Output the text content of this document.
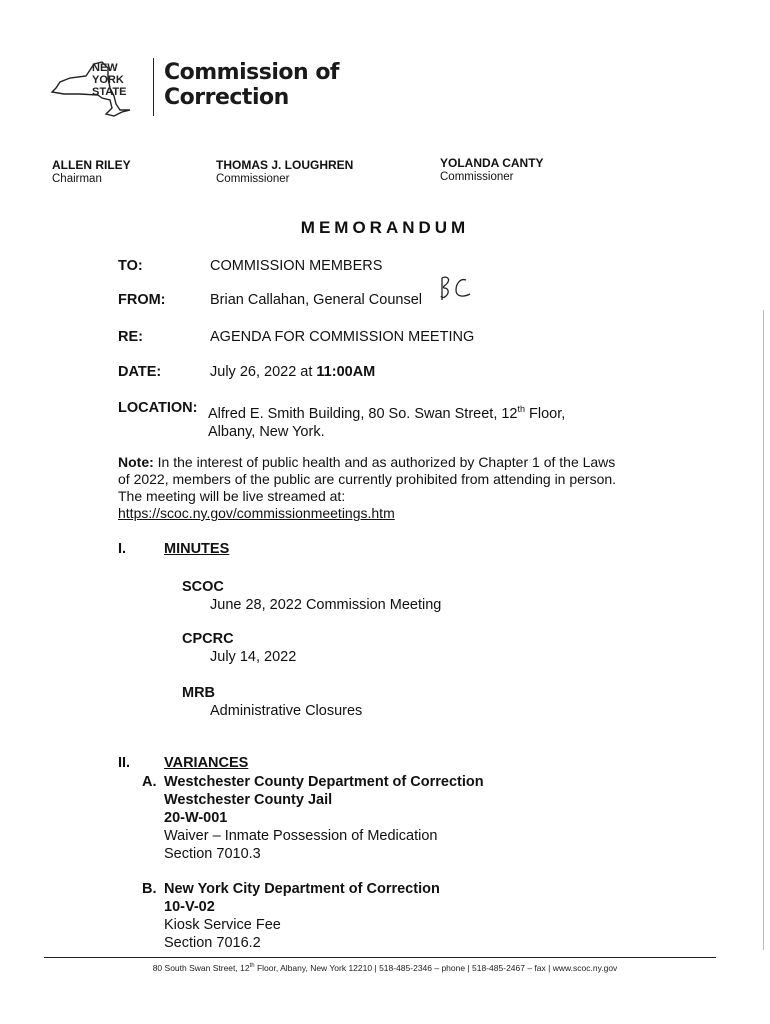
NEW
YORK
STATE
Commission of
Correction
ALLEN RILEY
Chairman
THOMAS J. LOUGHREN
Commissioner
YOLANDA CANTY
Commissioner
MEMORANDUM
TO:	COMMISSION MEMBERS
FROM:	Brian Callahan, General Counsel
RE:	AGENDA FOR COMMISSION MEETING
DATE:	July 26, 2022 at 11:00AM
LOCATION: Alfred E. Smith Building, 80 So. Swan Street, 12th Floor,
Albany, New York.
Note: In the interest of public health and as authorized by Chapter 1 of the Laws
of 2022, members of the public are currently prohibited from attending in person.
The meeting will be live streamed at:
https://scoc.ny.gov/commissionmeetings.htm
I.	MINUTES
SCOC
June 28, 2022 Commission Meeting
CPCRC
July 14, 2022
MRB
Administrative Closures
II. VARIANCES
A. Westchester County Department of Correction
Westchester County Jail
20-W-001
Waiver – Inmate Possession of Medication
Section 7010.3
B. New York City Department of Correction
10-V-02
Kiosk Service Fee
Section 7016.2
80 South Swan Street, 12th Floor, Albany, New York 12210 | 518-485-2346 – phone | 518-485-2467 – fax | www.scoc.ny.gov
